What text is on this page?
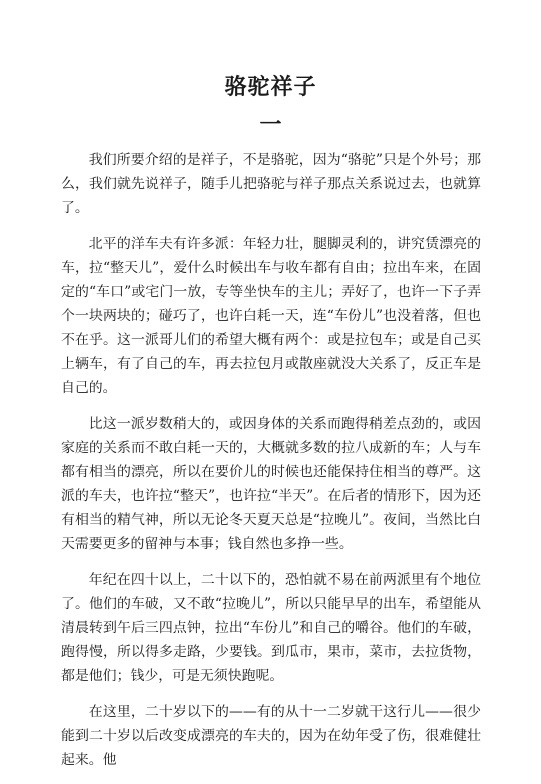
骆驼祥子
一

我们所要介绍的是祥子，不是骆驼，因为“骆驼”只是个外号；那么，我们就先说祥子，随手儿把骆驼与祥子那点关系说过去，也就算了。

北平的洋车夫有许多派：年轻力壮，腿脚灵利的，讲究赁漂亮的车，拉“整天儿”，爱什么时候出车与收车都有自由；拉出车来，在固定的“车口”或宅门一放，专等坐快车的主儿；弄好了，也许一下子弄个一块两块的；碰巧了，也许白耗一天，连“车份儿”也没着落，但也不在乎。这一派哥儿们的希望大概有两个：或是拉包车；或是自己买上辆车，有了自己的车，再去拉包月或散座就没大关系了，反正车是自己的。

比这一派岁数稍大的，或因身体的关系而跑得稍差点劲的，或因家庭的关系而不敢白耗一天的，大概就多数的拉八成新的车；人与车都有相当的漂亮，所以在要价儿的时候也还能保持住相当的尊严。这派的车夫，也许拉“整天”，也许拉“半天”。在后者的情形下，因为还有相当的精气神，所以无论冬天夏天总是“拉晚儿”。夜间，当然比白天需要更多的留神与本事；钱自然也多挣一些。

年纪在四十以上，二十以下的，恐怕就不易在前两派里有个地位了。他们的车破，又不敢“拉晚儿”，所以只能早早的出车，希望能从清晨转到午后三四点钟，拉出“车份儿”和自己的嚼谷。他们的车破，跑得慢，所以得多走路，少要钱。到瓜市，果市，菜市，去拉货物，都是他们；钱少，可是无须快跑呢。

在这里，二十岁以下的——有的从十一二岁就干这行儿——很少能到二十岁以后改变成漂亮的车夫的，因为在幼年受了伤，很难健壮起来。他
